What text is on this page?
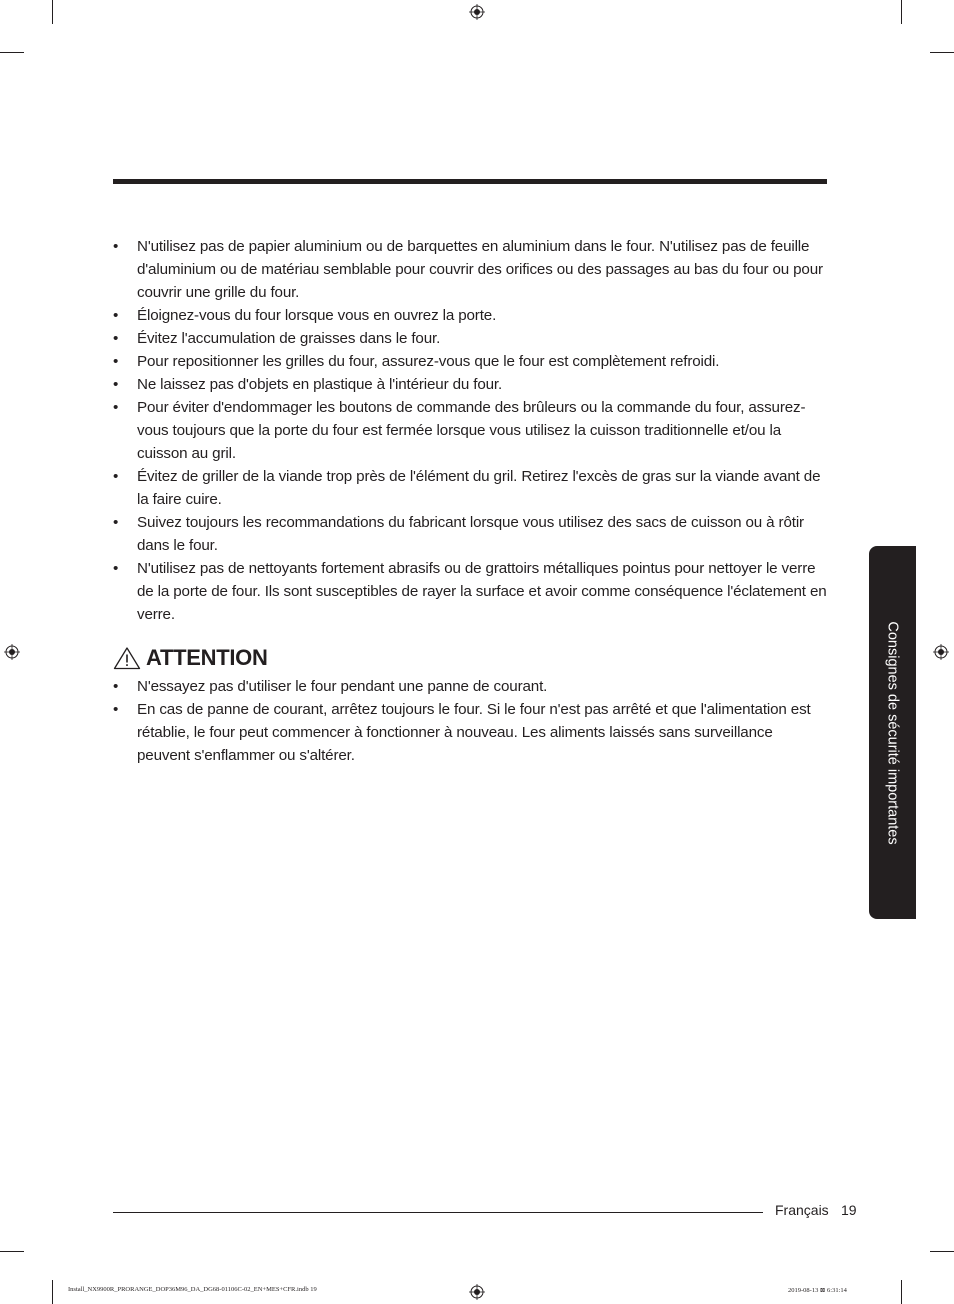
•	N'utilisez pas de papier aluminium ou de barquettes en aluminium dans le four. N'utilisez pas de feuille d'aluminium ou de matériau semblable pour couvrir des orifices ou des passages au bas du four ou pour couvrir une grille du four.
•	Éloignez-vous du four lorsque vous en ouvrez la porte.
•	Évitez l'accumulation de graisses dans le four.
•	Pour repositionner les grilles du four, assurez-vous que le four est complètement refroidi.
•	Ne laissez pas d'objets en plastique à l'intérieur du four.
•	Pour éviter d'endommager les boutons de commande des brûleurs ou la commande du four, assurez-vous toujours que la porte du four est fermée lorsque vous utilisez la cuisson traditionnelle et/ou la cuisson au gril.
•	Évitez de griller de la viande trop près de l'élément du gril. Retirez l'excès de gras sur la viande avant de la faire cuire.
•	Suivez toujours les recommandations du fabricant lorsque vous utilisez des sacs de cuisson ou à rôtir dans le four.
•	N'utilisez pas de nettoyants fortement abrasifs ou de grattoirs métalliques pointus pour nettoyer le verre de la porte de four. Ils sont susceptibles de rayer la surface et avoir comme conséquence l'éclatement en verre.
ATTENTION
•	N'essayez pas d'utiliser le four pendant une panne de courant.
•	En cas de panne de courant, arrêtez toujours le four. Si le four n'est pas arrêté et que l'alimentation est rétablie, le four peut commencer à fonctionner à nouveau. Les aliments laissés sans surveillance peuvent s'enflammer ou s'altérer.	Consignes de sécurité importantes
Français 19
Install_NX9900R_PRORANGE_DOP36M96_DA_DG68-01106C-02_EN+MES+CFR.indb 19	2019-08-13 ⊠ 6:31:14
